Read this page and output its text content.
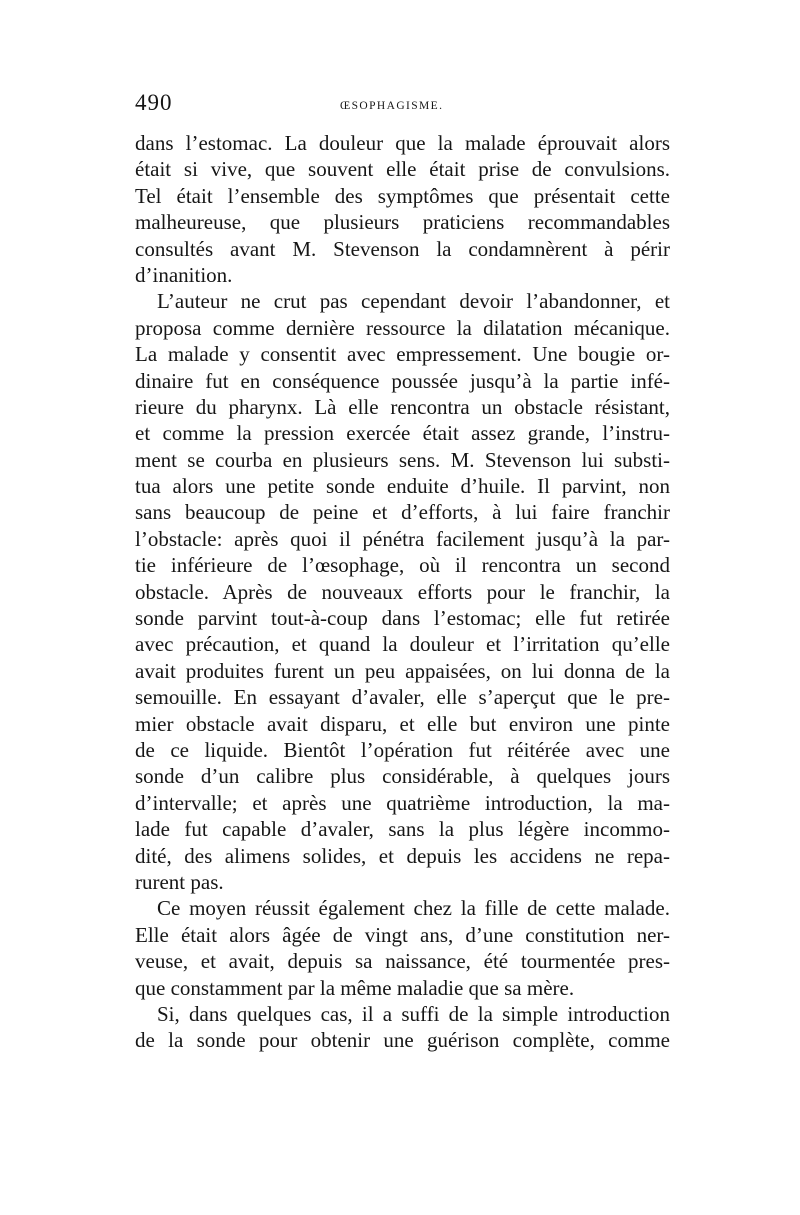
490	ŒSOPHAGISME.
dans l’estomac. La douleur que la malade éprouvait alors
était si vive, que souvent elle était prise de convulsions.
Tel était l’ensemble des symptômes que présentait cette
malheureuse, que plusieurs praticiens recommandables
consultés avant M. Stevenson la condamnèrent à périr
d’inanition.
L’auteur ne crut pas cependant devoir l’abandonner, et
proposa comme dernière ressource la dilatation mécanique.
La malade y consentit avec empressement. Une bougie or-
dinaire fut en conséquence poussée jusqu’à la partie infé-
rieure du pharynx. Là elle rencontra un obstacle résistant,
et comme la pression exercée était assez grande, l’instru-
ment se courba en plusieurs sens. M. Stevenson lui substi-
tua alors une petite sonde enduite d’huile. Il parvint, non
sans beaucoup de peine et d’efforts, à lui faire franchir
l’obstacle: après quoi il pénétra facilement jusqu’à la par-
tie inférieure de l’œsophage, où il rencontra un second
obstacle. Après de nouveaux efforts pour le franchir, la
sonde parvint tout-à-coup dans l’estomac; elle fut retirée
avec précaution, et quand la douleur et l’irritation qu’elle
avait produites furent un peu appaisées, on lui donna de la
semouille. En essayant d’avaler, elle s’aperçut que le pre-
mier obstacle avait disparu, et elle but environ une pinte
de ce liquide. Bientôt l’opération fut réitérée avec une
sonde d’un calibre plus considérable, à quelques jours
d’intervalle; et après une quatrième introduction, la ma-
lade fut capable d’avaler, sans la plus légère incommo-
dité, des alimens solides, et depuis les accidens ne repa-
rurent pas.
Ce moyen réussit également chez la fille de cette malade.
Elle était alors âgée de vingt ans, d’une constitution ner-
veuse, et avait, depuis sa naissance, été tourmentée pres-
que constamment par la même maladie que sa mère.
Si, dans quelques cas, il a suffi de la simple introduction
de la sonde pour obtenir une guérison complète, comme
